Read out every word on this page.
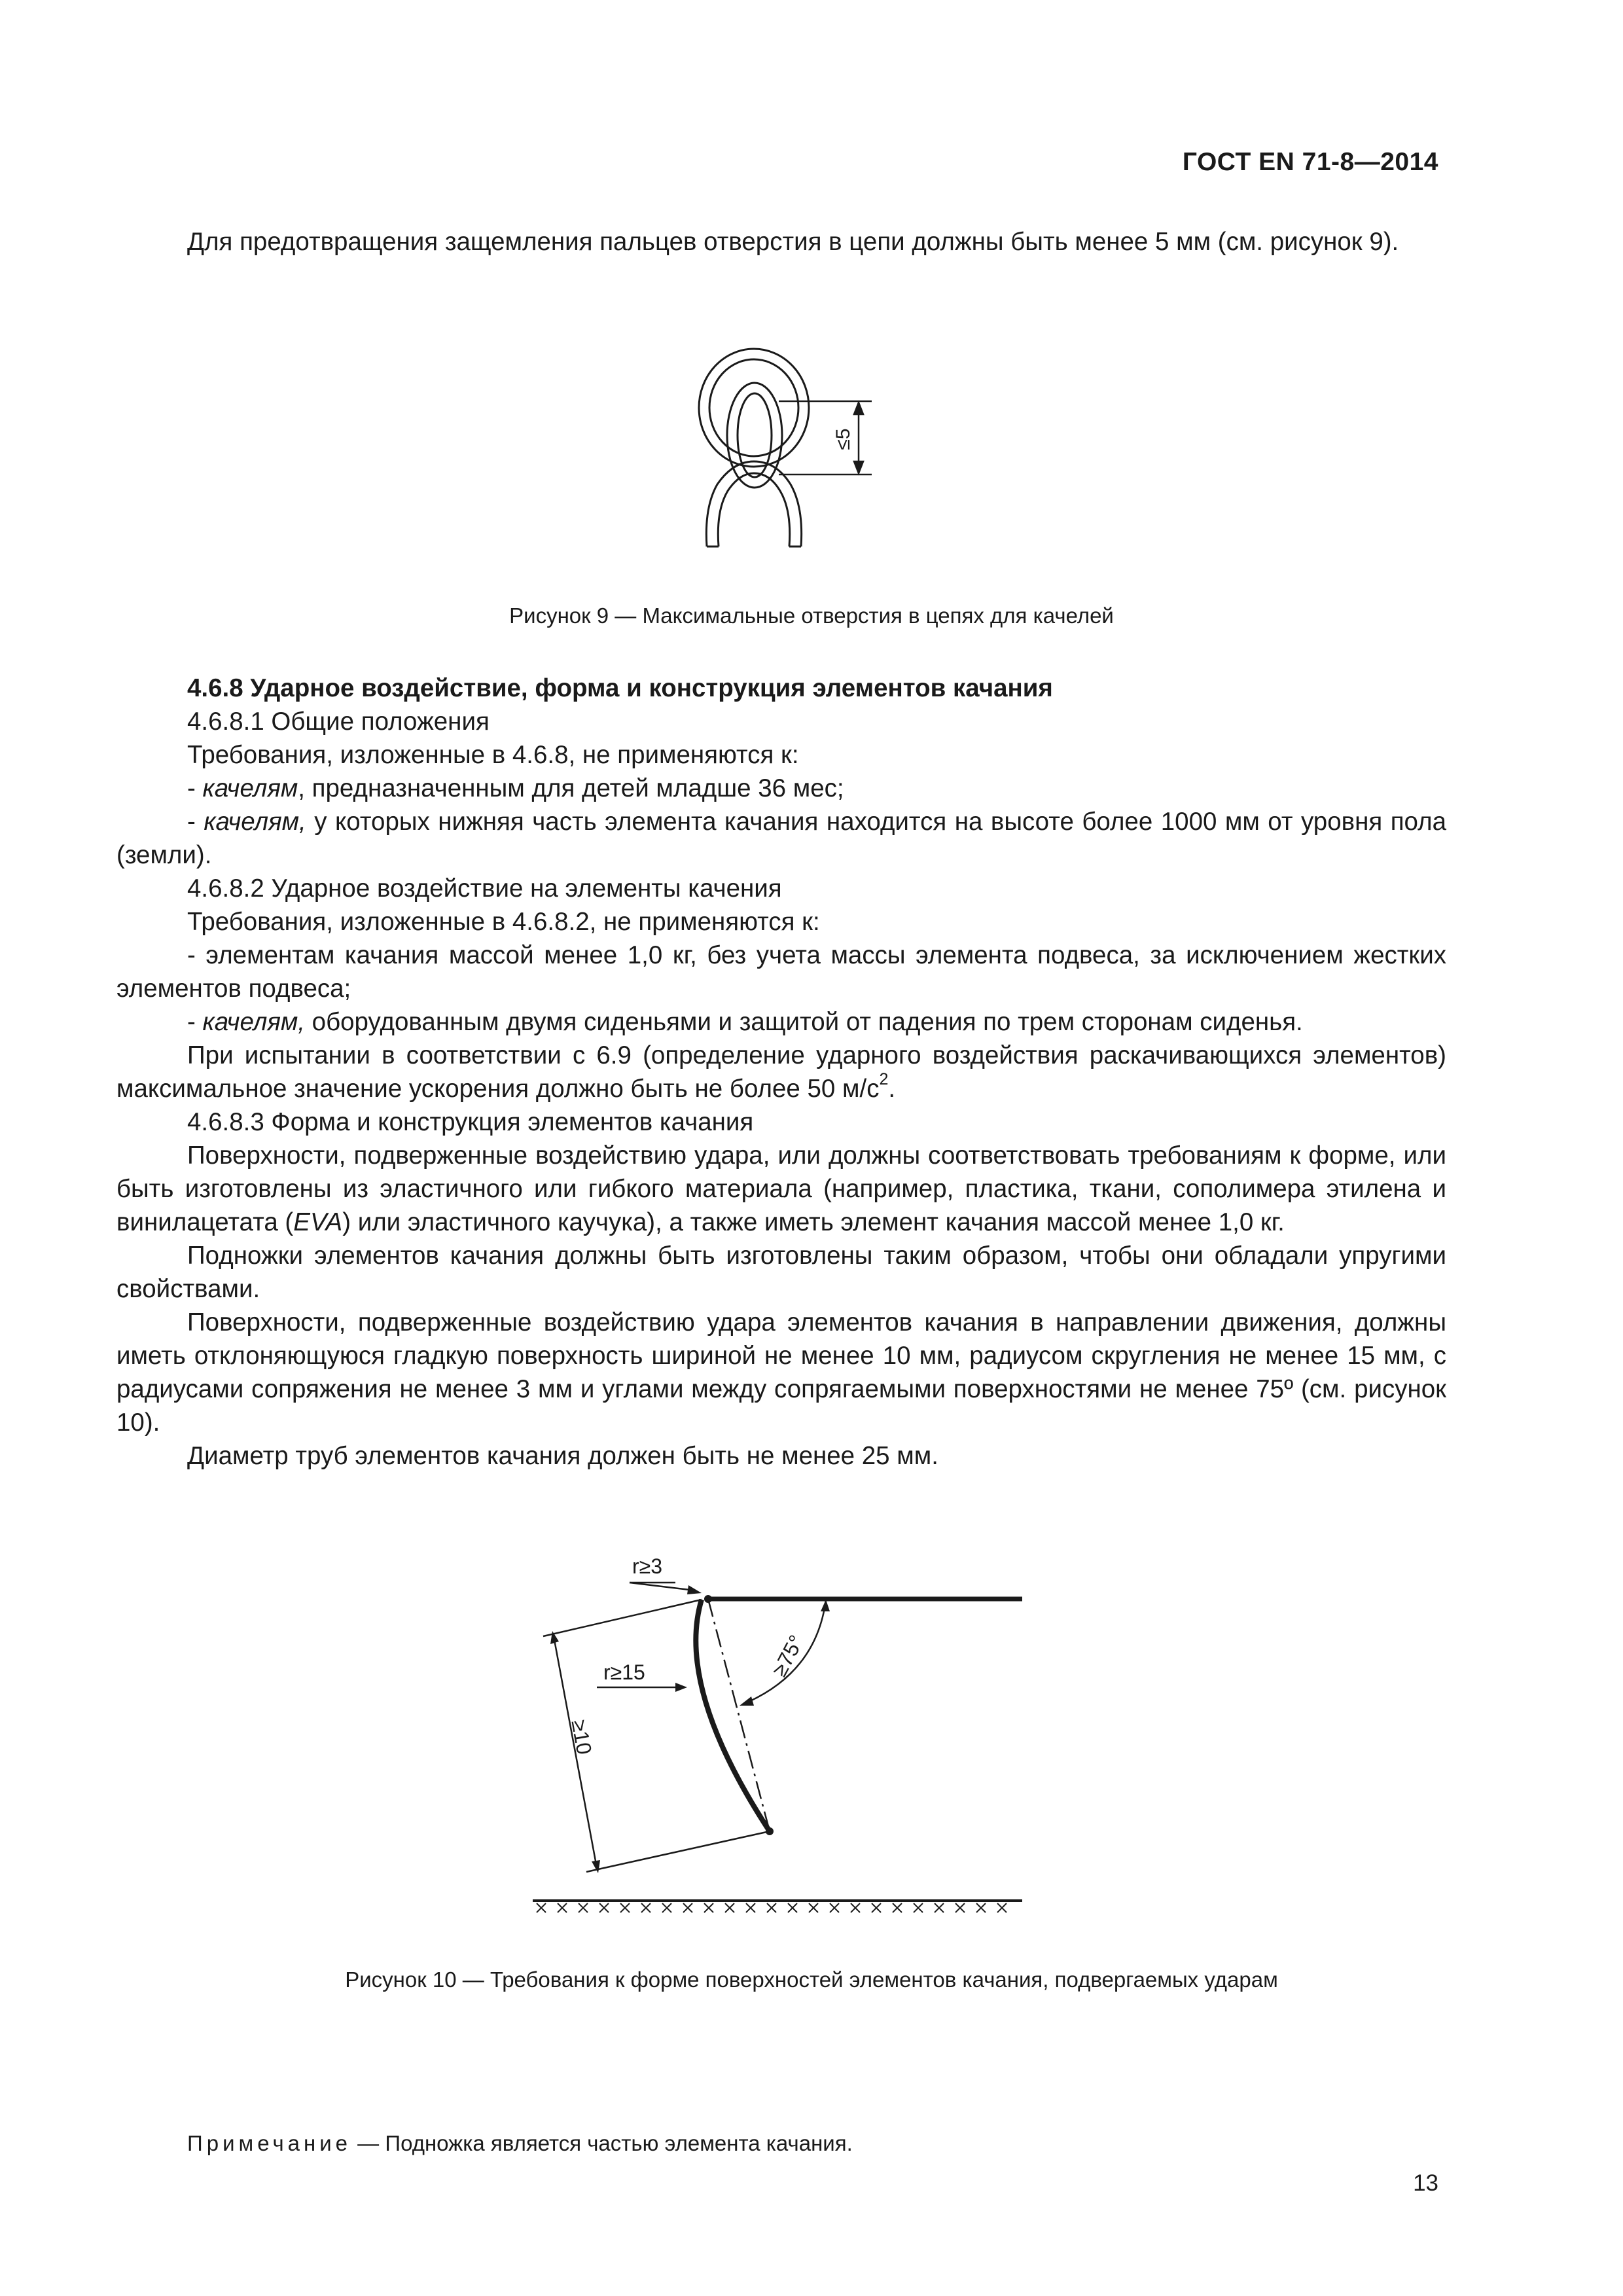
ГОСТ EN 71-8—2014

Для предотвращения защемления пальцев отверстия в цепи должны быть менее 5 мм (см. рисунок 9).

≤5
Рисунок 9 — Максимальные отверстия в цепях для качелей

4.6.8 Ударное воздействие, форма и конструкция элементов качания

4.6.8.1 Общие положения

Требования, изложенные в 4.6.8, не применяются к:

- качелям, предназначенным для детей младше 36 мес;

- качелям, у которых нижняя часть элемента качания находится на высоте более 1000 мм от уровня пола (земли).

4.6.8.2 Ударное воздействие на элементы качения

Требования, изложенные в 4.6.8.2, не применяются к:

- элементам качания массой менее 1,0 кг, без учета массы элемента подвеса, за исключением жестких элементов подвеса;

- качелям, оборудованным двумя сиденьями и защитой от падения по трем сторонам сиденья.

При испытании в соответствии с 6.9 (определение ударного воздействия раскачивающихся элементов) максимальное значение ускорения должно быть не более 50 $м/с^2$.

4.6.8.3 Форма и конструкция элементов качания

Поверхности, подверженные воздействию удара, или должны соответствовать требованиям к форме, или быть изготовлены из эластичного или гибкого материала (например, пластика, ткани, сополимера этилена и винилацетата (EVA) или эластичного каучука), а также иметь элемент качания массой менее 1,0 кг.

Подножки элементов качания должны быть изготовлены таким образом, чтобы они обладали упругими свойствами.

Поверхности, подверженные воздействию удара элементов качания в направлении движения, должны иметь отклоняющуюся гладкую поверхность шириной не менее 10 мм, радиусом скругления не менее 15 мм, с радиусами сопряжения не менее 3 мм и углами между сопрягаемыми поверхностями не менее 75º (см. рисунок 10).

Диаметр труб элементов качания должен быть не менее 25 мм.

r≥3
r≥15	≥75°
≥10
Рисунок 10 — Требования к форме поверхностей элементов качания, подвергаемых ударам
Примечание — Подножка является частью элемента качания.
13
